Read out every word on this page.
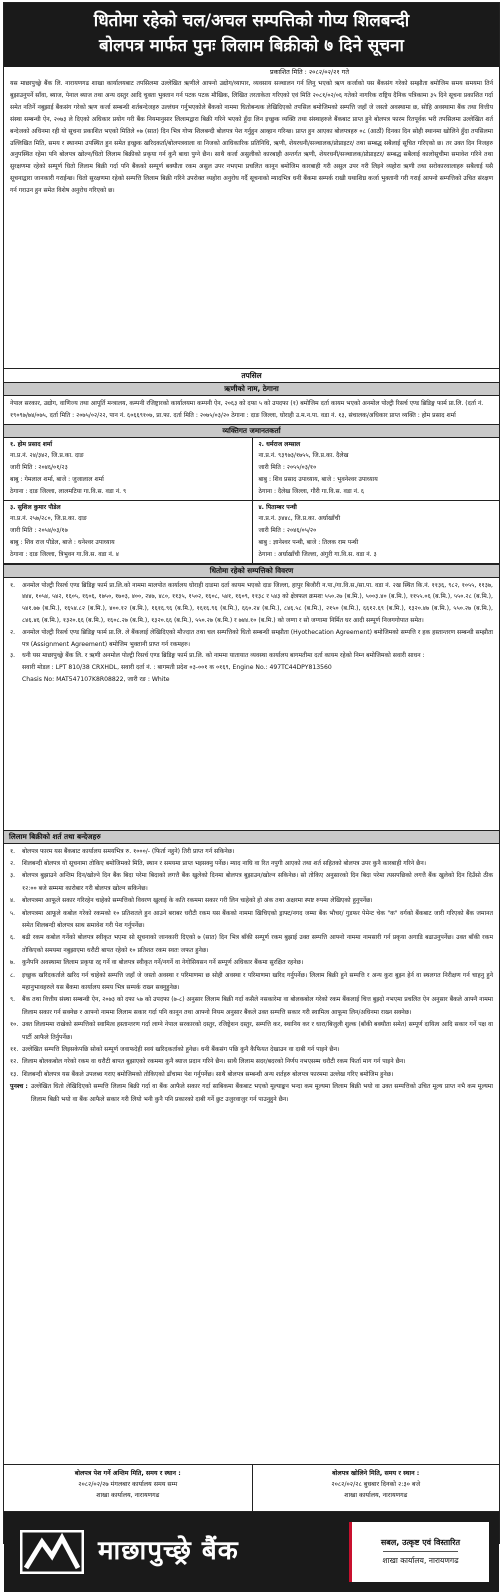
धितोमा रहेको चल/अचल सम्पत्तिको गोप्य शिलबन्दी
बोलपत्र मार्फत पुनः लिलाम बिक्रीको ७ दिने सूचना
प्रकाशित मिति : २०८२/०२/२१ गते
यस माछापुच्छ्रे बैंक लि. नारायणगढ शाखा कार्यालयबाट तपसिलमा उल्लेखित ऋणीले आफ्नो उद्योग/व्यापार, व्यवसाय सञ्चालन गर्न लिनु भएको ऋण कर्जाको यस बैंकसंग गरेको सम्झौता बमोजिम समय समयमा तिर्न बुझाउनुपर्ने साँवा, ब्याज, पेनाल ब्याज तथा अन्य दस्तुर आदि चुक्ता भुक्तान गर्न पटक पटक मौखिक, लिखित तरताकेता गरिएको एवं मिति २०८१/०२/०६ गतेको नागरिक राष्ट्रिय दैनिक पत्रिकामा ३५ दिने सूचना प्रकाशित गर्दा समेत नतिर्ने नबुझाई बैंकसंग गरेको ऋण कर्जा सम्बन्धी शर्तबन्देजहरु उल्लंघन गर्नुभएकोले बैंकको नाममा धितोबन्धक लेखिदिएको तपसिल बमोजिमको सम्पत्ति जहाँ जे जस्तो अवस्थामा छ, सोहि अवस्थामा बैंक तथा वित्तीय संस्था सम्बन्धी ऐन, २०७३ ले दिएको अधिकार प्रयोग गरी बैंक नियमानुसार लिलामद्वारा बिक्री गरिने भएको हुँदा लिन इच्छुक व्यक्ति तथा संस्थाहरुले बैंकबाट प्राप्त हुने बोलपत्र फारम रितपूर्वक भरी तपसिलमा उल्लेखित शर्त बन्देजको अधिनमा रही यो सूचना प्रकाशित भएको मितिले ०७ (सात) दिन भित्र गोप्य शिलबन्दी बोलपत्र पेश गर्नुहुन आव्हान गरिन्छ। प्राप्त हुन आएका बोलपत्रहरु ०८ (आठौं) दिनका दिन सोही स्थानमा खोलिने हुँदा तपसिलमा उल्लिखित मिति, समय र स्थानमा उपस्थित हुन समेत इच्छुक खरिदकर्ता/बोलपत्रवाला वा निजको आधिकारिक प्रतिनिधि, ऋणी, शेयरधनी/सञ्चालक/प्रोप्राइटर/ तथा सम्बद्ध सबैलाई सूचित गरिएको छ। तर उक्त दिन निजहरु अनुपस्थित रहेमा पनि बोलपत्र खोल्न/धितो लिलाम बिक्रीको प्रकृया गर्न कुनै बाधा पुग्ने छैन। साथै कर्जा असुलीको कारबाही अन्तर्गत ऋणी, शेयरधनी/सञ्चालक/प्रोप्राइटर/ सम्बद्ध सबैलाई कालोसूचीमा समावेश गरिने तथा सुरक्षणमा रहेको सम्पूर्ण धितो लिलाम बिक्री गर्दा पनि बैंकको सम्पूर्ण बक्यौता रकम असुल उपर नभएमा प्रचलित कानून बमोजिम कारबाही गरी असुल उपर गरी लिइने व्यहोरा ऋणी तथा सरोकारवालाहरु सबैलाई यसै सूचनाद्वारा जानकारी गराईन्छ। धितो सुरक्षणमा रहेको सम्पत्ति लिलाम बिक्री गरिने उपरोक्त व्यहोरा अनुरोध गर्दै सूचनाको म्यादभित्र धनी बैंकमा सम्पर्क राखी यथाशिघ्र कर्जा भुक्तानी गरी गराई आफ्नो सम्पत्तिको उचित संरक्षण गर्न गराउन हुन समेत विशेष अनुरोध गरिएको छ।
तपसिल
ऋणीको नाम, ठेगाना
नेपाल सरकार, उद्योग, वाणिज्य तथा आपूर्ति मन्त्रालय, कम्पनी रजिष्ट्रारको कार्यालयमा कम्पनी ऐन, २०६३ को दफा ५ को उपदफा (१) बमोजिम दर्ता कायम भएको अनमोल पोल्ट्री रिसर्च एण्ड ब्रिडिङ्ग फार्म प्रा.लि. (दर्ता नं. १९०९७/७४/०७५, दर्ता मिति : २०७५/०२/२२, पान नं. ६०६६९१०७, प्रा.फा. दर्ता मिति : २०७५/०३/२० ठेगाना : दाङ जिल्ला, घोराही उ.म.न.पा. वडा नं. १३, संचालक/अधिकार प्राप्त व्यक्ति : होम प्रसाद शर्मा
व्यक्तिगत जमानतकर्ता
१. होम प्रसाद शर्मा
ना.प्र.नं. २४/३४२, जि.प्र.का. दाङ
जारी मिति : २०४६/०१/२३
बाबु : गेमलाल शर्मा, बाजे : जुजालाल शर्मा
ठेगाना : दाङ जिल्ला, लालमटिया गा.वि.स. वडा नं. ९
२. धर्मराज लम्साल
ना.प्र.नं. ९३९७३/१७५५, जि.प्र.का. दैलेख
जारी मिति : २०५५/०३/१०
बाबु : शिव प्रसाद उपाध्याय, बाजे : भुवनेश्वर उपाध्याय
ठेगाना : दैलेख जिल्ला, गौरी गा.वि.स. वडा नं. ६
३. सुशिल कुमार पौडेल
ना.प्र.नं. २५७/२८०, जि.प्र.का. दाङ
जारी मिति : २०५४/०३/१७
बाबु : शिव राज पौडेल, बाजे : धनेश्वर उपाध्याय
ठेगाना : दाङ जिल्ला, त्रिभुवन गा.वि.स. वडा नं. ४
४. पिताम्बर पन्थी
ना.प्र.नं. ३४४८, जि.प्र.का. अर्घाखाँची
जारी मिति : २०४६/०५/२०
बाबु : ज्ञानेश्वर पन्थी, बाजे : तिलक राम पन्थी
ठेगाना : अर्घाखाँची जिल्ला, अंगुरी गा.वि.स. वडा नं. ३
धितोमा रहेको सम्पत्तिको विवरण
१.	अनमोल पोल्ट्री रिसर्च एण्ड ब्रिडिङ्ग फार्म प्रा.लि.को नाममा मालपोत कार्यालय घोराही दाङमा दर्ता कायम भएको दाङ जिल्ला, हापुर बिजौरी न.पा./गा.वि.स./सा.पा. वडा नं. २ख स्थित कि.नं. ११३६, ९८२, १०५५, ११३७, ४४४, १०५४, ५४२, १६०५, १६०६, १७५०, १७०३, ४००, २४७, ४८०, ११३५, १५०२, १६०८, ५४१, १६०९, ११३८ र ५४३ को क्षेत्रफल क्रमशः ५५०.२७ (ब.मि.), ५००३.४० (ब.मि.), ११५५.०६ (ब.मि.), ५५०.२८ (ब.मि.), ५४१.७७ (ब.मि.), १६५४.८२ (ब.मि.), ४००.१२ (ब.मि.), १६१६.९६ (ब.मि.), १६१६.९६ (ब.मि.), ६६०.२४ (ब.मि.), ८४६.५८ (ब.मि.), २१५० (ब.मि.), ६६१२.६९ (ब.मि.), १३२०.४७ (ब.मि.), ५५०.२७ (ब.मि.), ८४६.४६ (ब.मि.), १३२०.६६ (ब.मि.), १६०८.२७ (ब.मि.), १३२०.६६ (ब.मि.), ५५०.२७ (ब.मि.) र ७४४.१० (ब.मि.) को जग्गा र सो जग्गामा निर्मित घर आदी सम्पूर्ण निजगगोपात समेत।
२.	अनमोल पोल्ट्री रिसर्च एण्ड ब्रिडिङ्ग फार्म प्रा.लि. ले बैंकलाई लेखिदिएको मौज्दात तथा चल सम्पत्तिको धितो सम्बन्धी सम्झौता (Hyothecation Agreement) बमोजिमको सम्पत्ति र हक हस्तान्तरण सम्बन्धी सम्झौता पत्र (Assignment Agreement) बमोजिम भुक्तानी प्राप्त गर्न रकमहरु।
३.	धनी यस माछापुच्छ्रे बैंक लि. र ऋणी अनमोल पोल्ट्री रिसर्च एण्ड ब्रिडिङ्ग फार्म प्रा.लि. को नाममा यातायात व्यवस्था कार्यालय बागमतीमा दर्ता कायम रहेको निम्न बमोजिमको सवारी साधन :
सवारी मोडल : LPT 810/38 CRXHDL, सवारी दर्ता नं. : बागमती प्रदेश ०३-००१ क ०१६९, Engine No.: 497TC44DPY813560
Chasis No: MAT547107K8R08822, जारी रङ : White
लिलाम बिक्रीको शर्त तथा बन्देजहरु
१.	बोलपत्र फारम यस बैंकबाट कार्यालय समयभित्र रु. १०००/- (फिर्ता नहुने) तिरी प्राप्त गर्न सकिनेछ।
२.	शिलबन्दी बोलपत्र यो सूचनामा तोकिए बमोजिमको मिति, स्थान र समयमा प्राप्त भइसक्नु पर्नेछ। म्याद नाघि वा रित नपुगी आएको तथा शर्त सहितको बोलपत्र उपर कुनै कारबाही गरिने छैन।
३.	बोलपत्र बुझाउने अन्तिम दिन/खोल्ने दिन बैंक बिदा परेमा बिदाको लगत्तै बैंक खुलेको दिनमा बोलपत्र बुझाउन/खोल्न सकिनेछ। सो तोकिए अनुसारको दिन बिदा परेमा त्यसपछिको लगत्तै बैंक खुलेको दिन दिउँसो ठीक १२:०० बजे सम्ममा कारोबार गरी बोलपत्र खोल्न सकिनेछ।
४.	बोलपत्रमा आफूले सकार गरिरहेन चाहेको सम्पत्तिको विवरण खुलाई के कति रकममा सकार गरी लिन चाहेको हो अंक तथा अक्षरमा स्पष्ट रुपमा लेखिएको हुनुपर्नेछ।
५.	बोलपत्रमा आफूले कबोल गरेको रकमको १० प्रतिशतले हुन आउने बराबर धरौटी रकम यस बैंकको नाममा खिचिएको ड्राफ्ट/नगद जम्मा बैंक भौचर/ गुडफर पेमेन्ट चेक "क" वर्गको बैंकबाट जारी गरिएको बैंक जमानत समेत शिलबन्दी बोलपत्र साथ समावेश गरी पेश गर्नुपर्नेछ।
६.	बढी रकम कबोल गर्नेको बोलपत्र स्वीकृत भएमा सो सूचनाको जानकारी दिएको ७ (सात) दिन भित्र बाँकी सम्पूर्ण रकम बुझाई उक्त सम्पत्ति आफ्नो नाममा नामसारी गर्न प्रकृया अगाडि बढाउनुपर्नेछ। उक्त बाँकी रकम तोकिएको समयमा नबुझाएमा धरौटी बापत रहेको १० प्रतिशत रकम स्वतः जफत हुनेछ।
७.	कुनैपनि अवस्थामा लिलाम प्रकृया रद्द गर्ने वा बोलपत्र स्वीकृत गर्ने/नगर्ने वा नेगोसियसन गर्ने सम्पूर्ण अधिकार बैंकमा सुरक्षित रहनेछ।
८.	इच्छुक खरिदकर्ताले खरिद गर्न चाहेको सम्पत्ति जहाँ जे जस्तो अवस्था र परिमाणमा छ सोही अवस्था र परिमाणमा खरिद गर्नुपर्नेछ। लिलाम बिक्री हुने सम्पत्ति र अन्य कुरा बुझ्न हेर्न वा स्थलगत निरीक्षण गर्न चाहनु हुने महानुभावहरुले यस बैंकमा कार्यालय समय भित्र सम्पर्क राख्न सक्नुहुनेछ।
९.	बैंक तथा वित्तीय संस्था सम्बन्धी ऐन, २०७३ को दफा ५७ को उपदफा (७-८) अनुसार लिलाम बिक्री गर्दा कसैले नसकारेमा वा बोलकबोल गरेको रकम बैंकलाई चित्त बुझ्दो नभएमा प्रचलित ऐन अनुसार बैंकले आफ्नै नाममा लिलाम सकार गर्न सक्नेछ र आफ्नो नाममा लिलाम सकार गर्दा पनि कानून तथा आफ्नो नियम अनुसार बैंकले उक्त सम्पत्ति सकार गरी स्वामित्व आफूमा लिन/अधिनमा राख्न सक्नेछ।
१०. उक्त लिलाममा राखेको सम्पत्तिको स्वामित्व हस्तान्तरण गर्दा लाग्ने नेपाल सरकारको दस्तुर, रजिष्ट्रेशन दस्तुर, सम्पत्ति कर, स्थानिय कर र धारा/बिजुली शुल्क (बाँकी बक्यौता समेत) सम्पूर्ण दायित्व आदि सकार गर्ने पक्ष वा पार्टी आफैले तिर्नुपर्नेछ।
११. उल्लेखित सम्पत्ति लिइसकेपछि सोको सम्पूर्ण जवाफदेही स्वयं खरिदकर्ताको हुनेछ। धनी बैंकसंग पछि कुनै कैफियत देखाउन वा दाबी गर्न पाइने छैन।
१२. लिलाम बोलकबोल गरेको रकम वा धरौटी बापत बुझाएको रकममा कुनै ब्याज प्रदान गरिने छैन। साथै लिलाम सदर/बदरको निर्णय नभएसम्म धरौटी रकम फिर्ता माग गर्न पाइने छैन।
१३. शिलबन्दी बोलपत्र यस बैंकले उपलब्ध गराए बमोजिमको तोकिएको ढाँचामा पेश गर्नुपर्नेछ। साथै बोलपत्र सम्बन्धी अन्य शर्तहरु बोलपत्र फारममा उल्लेख गरिए बमोजिम हुनेछ।
पुनश्च : उल्लेखित धितो लेखिदिएको सम्पत्ति लिलाम बिक्री गर्दा वा बैंक आफैले सकार गर्दा साबिकमा बैंकबाट भएको मूल्याङ्कन भन्दा कम मूल्यमा लिलाम बिक्री भयो वा उक्त सम्पत्तिको उचित मूल्य प्राप्त नभै कम मूल्यमा लिलाम बिक्री भयो वा बैंक आफैले सकार गरी लियो भनी कुनै पनि प्रकारको दाबी गर्ने छुट उजुरवाजुर गर्न पाउनुहुने छैन।
बोलपत्र पेश गर्ने अन्तिम मिति, समय र स्थान :
२०८२/०२/२७ मंगलबार कार्यालय समय सम्म
शाखा कार्यालय, नारायणगढ
बोलपत्र खोलिने मिति, समय र स्थान :
२०८२/०२/२८ बुधबार दिनको २:३० बजे
शाखा कार्यालय, नारायणगढ
माछापुच्छ्रे बैंक	सबल, उत्कृष्ट एवं विस्तारित
शाखा कार्यालय, नारायणगढ
